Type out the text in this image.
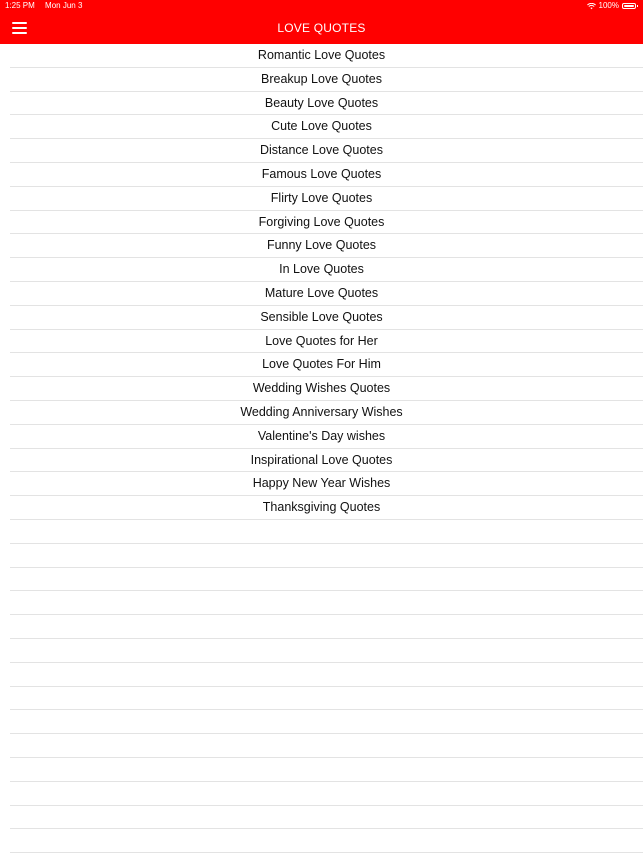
1:25 PM Mon Jun 3	100%
LOVE QUOTES
Romantic Love Quotes
Breakup Love Quotes
Beauty Love Quotes
Cute Love Quotes
Distance Love Quotes
Famous Love Quotes
Flirty Love Quotes
Forgiving Love Quotes
Funny Love Quotes
In Love Quotes
Mature Love Quotes
Sensible Love Quotes
Love Quotes for Her
Love Quotes For Him
Wedding Wishes Quotes
Wedding Anniversary Wishes
Valentine's Day wishes
Inspirational Love Quotes
Happy New Year Wishes
Thanksgiving Quotes
